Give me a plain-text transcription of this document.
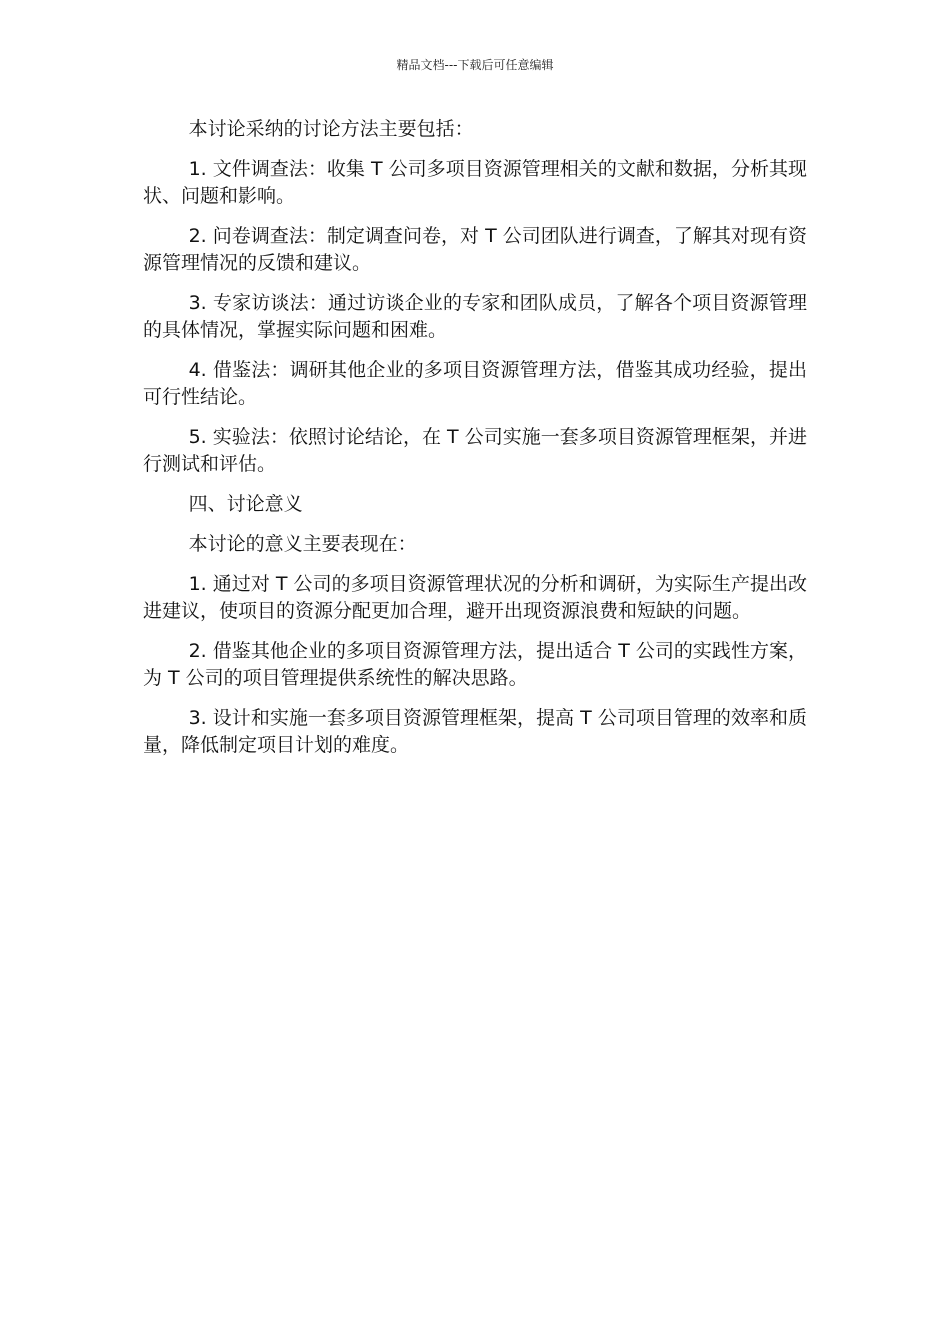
精品文档---下载后可任意编辑

本讨论采纳的讨论方法主要包括：

1. 文件调查法：收集 T 公司多项目资源管理相关的文献和数据，分析其现状、问题和影响。

2. 问卷调查法：制定调查问卷，对 T 公司团队进行调查，了解其对现有资源管理情况的反馈和建议。

3. 专家访谈法：通过访谈企业的专家和团队成员，了解各个项目资源管理的具体情况，掌握实际问题和困难。

4. 借鉴法：调研其他企业的多项目资源管理方法，借鉴其成功经验，提出可行性结论。

5. 实验法：依照讨论结论，在 T 公司实施一套多项目资源管理框架，并进行测试和评估。

四、讨论意义

本讨论的意义主要表现在：

1. 通过对 T 公司的多项目资源管理状况的分析和调研，为实际生产提出改进建议，使项目的资源分配更加合理，避开出现资源浪费和短缺的问题。

2. 借鉴其他企业的多项目资源管理方法，提出适合 T 公司的实践性方案，为 T 公司的项目管理提供系统性的解决思路。

3. 设计和实施一套多项目资源管理框架，提高 T 公司项目管理的效率和质量，降低制定项目计划的难度。
